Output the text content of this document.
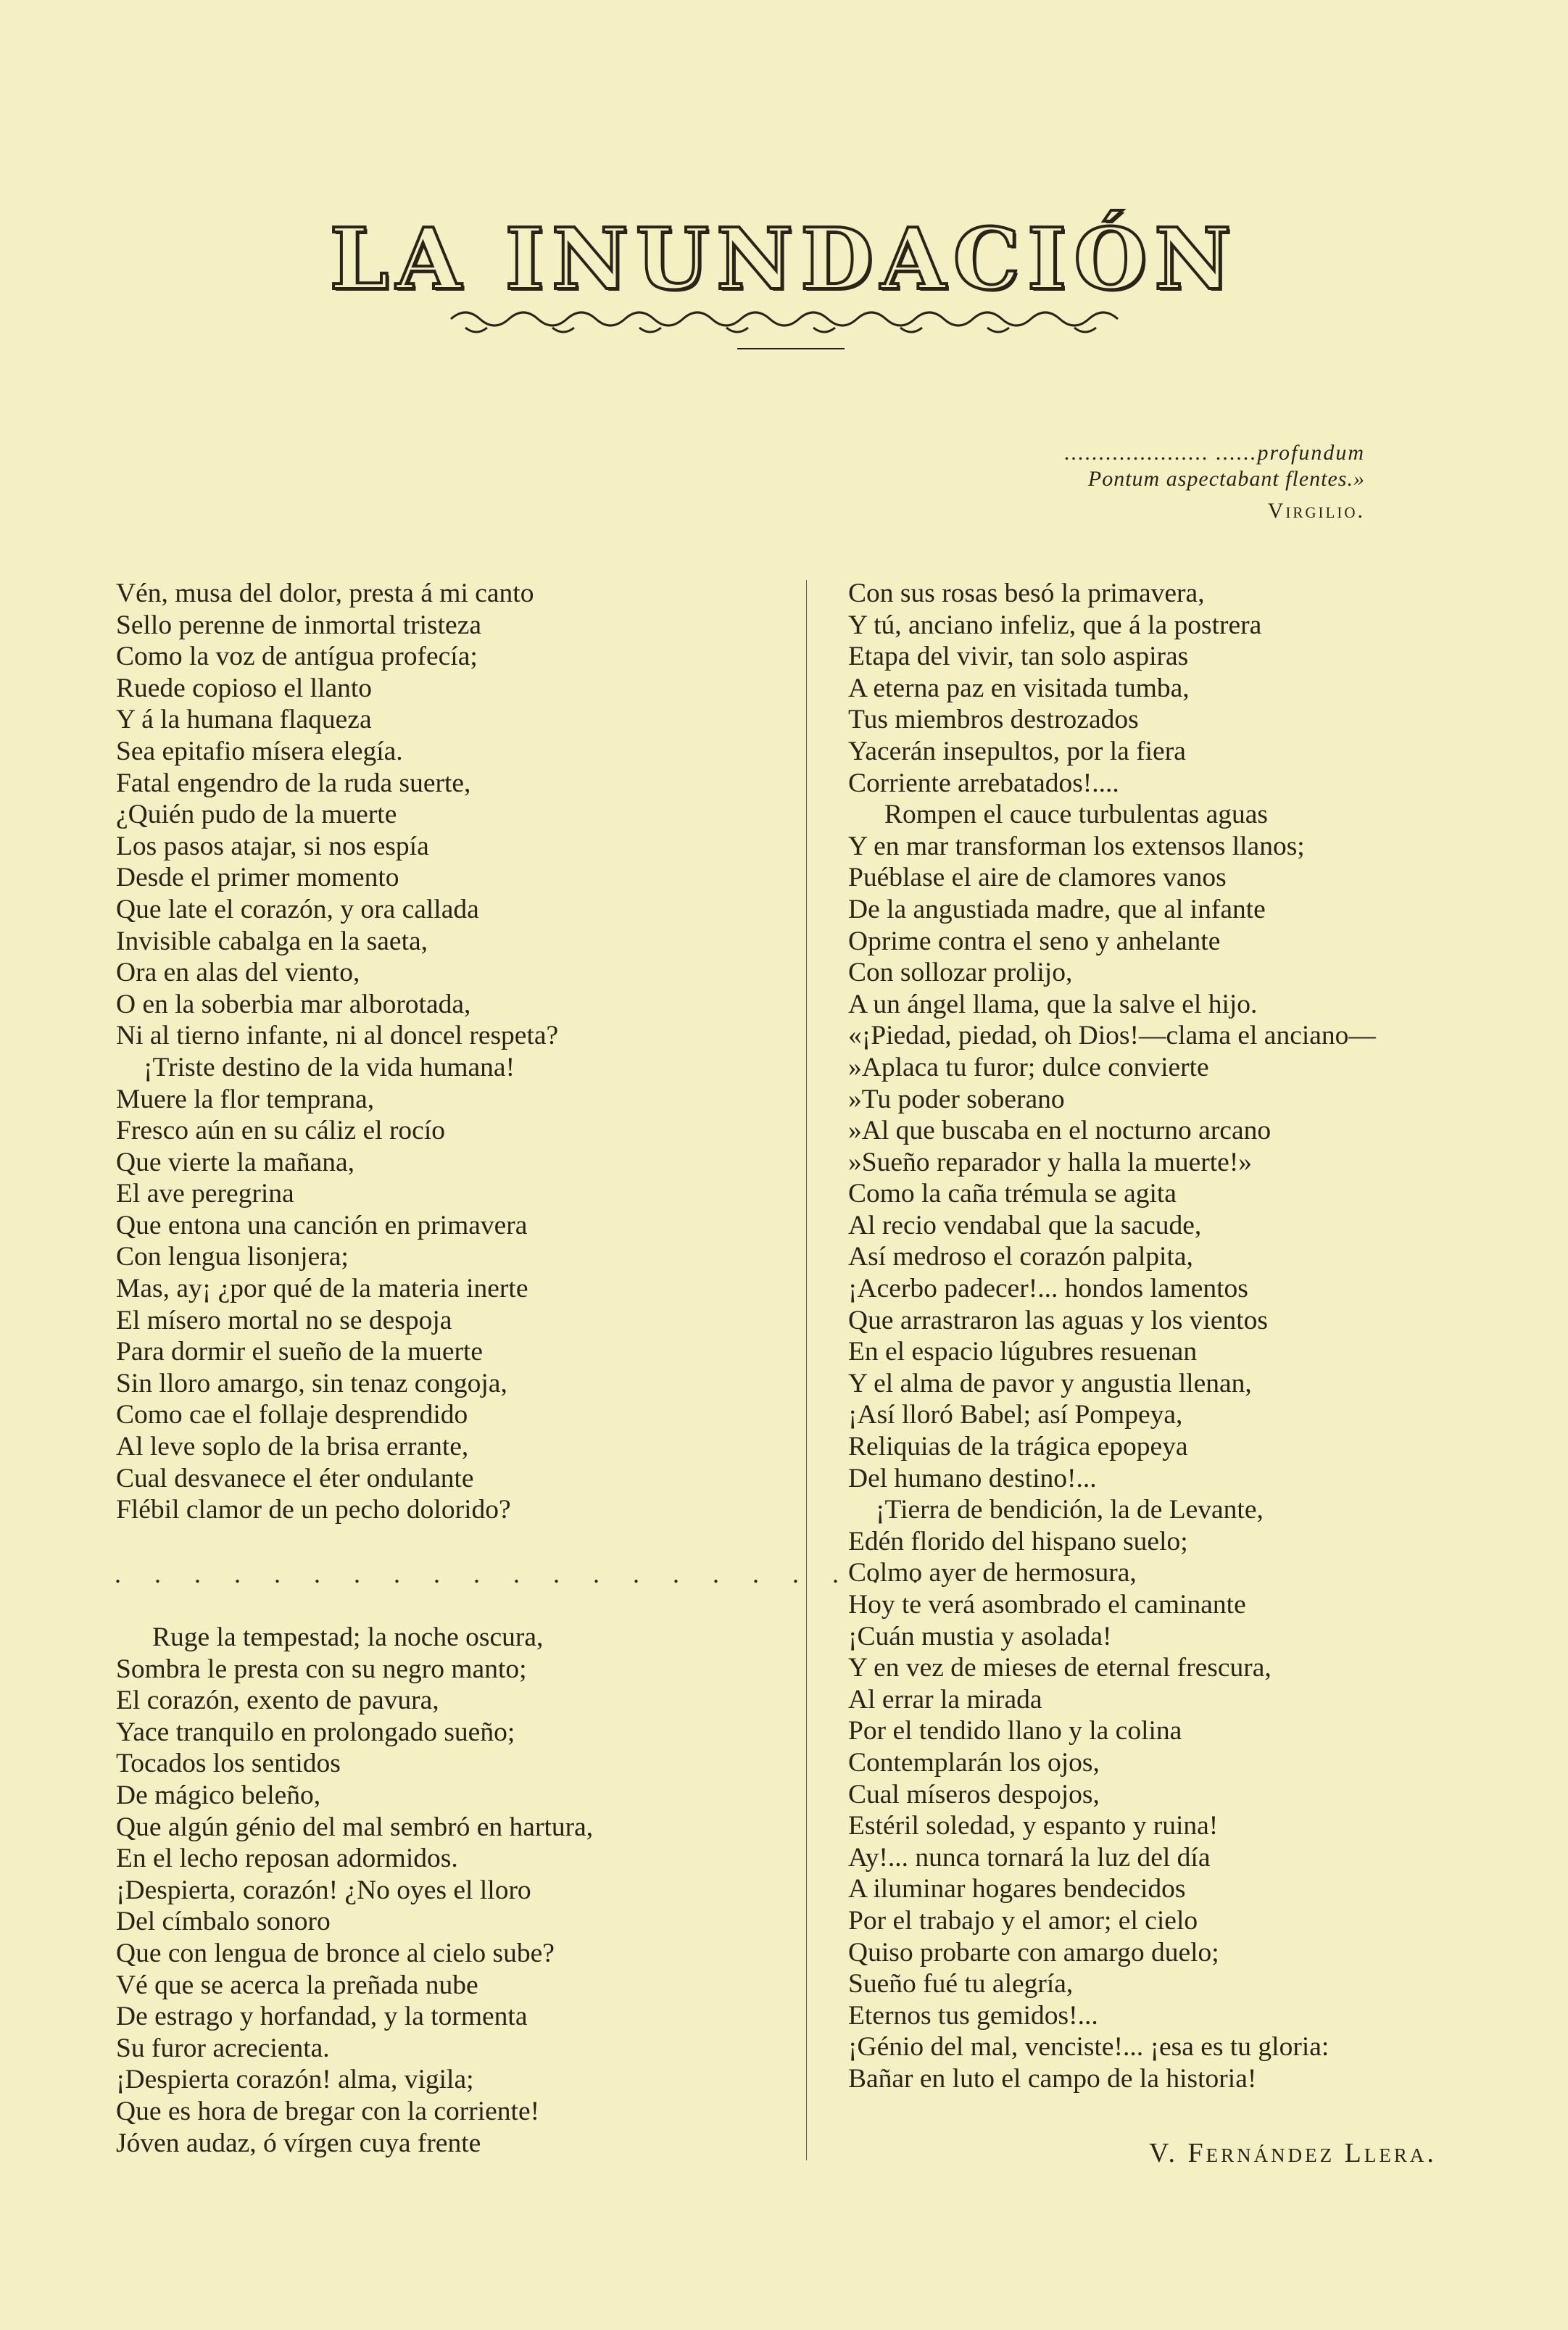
LA INUNDACIÓN
..................... ......profundum
Pontum aspectabant flentes.»
Virgilio.
Vén, musa del dolor, presta á mi canto
Sello perenne de inmortal tristeza
Como la voz de antígua profecía;
Ruede copioso el llanto
Y á la humana flaqueza
Sea epitafio mísera elegía.
Fatal engendro de la ruda suerte,
¿Quién pudo de la muerte
Los pasos atajar, si nos espía
Desde el primer momento
Que late el corazón, y ora callada
Invisible cabalga en la saeta,
Ora en alas del viento,
O en la soberbia mar alborotada,
Ni al tierno infante, ni al doncel respeta?
¡Triste destino de la vida humana!
Muere la flor temprana,
Fresco aún en su cáliz el rocío
Que vierte la mañana,
El ave peregrina
Que entona una canción en primavera
Con lengua lisonjera;
Mas, ay¡ ¿por qué de la materia inerte
El mísero mortal no se despoja
Para dormir el sueño de la muerte
Sin lloro amargo, sin tenaz congoja,
Como cae el follaje desprendido
Al leve soplo de la brisa errante,
Cual desvanece el éter ondulante
Flébil clamor de un pecho dolorido?
. . . . . . . . . . . . . . . . . . . . .
Ruge la tempestad; la noche oscura,
Sombra le presta con su negro manto;
El corazón, exento de pavura,
Yace tranquilo en prolongado sueño;
Tocados los sentidos
De mágico beleño,
Que algún génio del mal sembró en hartura,
En el lecho reposan adormidos.
¡Despierta, corazón! ¿No oyes el lloro
Del címbalo sonoro
Que con lengua de bronce al cielo sube?
Vé que se acerca la preñada nube
De estrago y horfandad, y la tormenta
Su furor acrecienta.
¡Despierta corazón! alma, vigila;
Que es hora de bregar con la corriente!
Jóven audaz, ó vírgen cuya frente
Con sus rosas besó la primavera,
Y tú, anciano infeliz, que á la postrera
Etapa del vivir, tan solo aspiras
A eterna paz en visitada tumba,
Tus miembros destrozados
Yacerán insepultos, por la fiera
Corriente arrebatados!....
Rompen el cauce turbulentas aguas
Y en mar transforman los extensos llanos;
Puéblase el aire de clamores vanos
De la angustiada madre, que al infante
Oprime contra el seno y anhelante
Con sollozar prolijo,
A un ángel llama, que la salve el hijo.
«¡Piedad, piedad, oh Dios!—clama el anciano—
»Aplaca tu furor; dulce convierte
»Tu poder soberano
»Al que buscaba en el nocturno arcano
»Sueño reparador y halla la muerte!»
Como la caña trémula se agita
Al recio vendabal que la sacude,
Así medroso el corazón palpita,
¡Acerbo padecer!... hondos lamentos
Que arrastraron las aguas y los vientos
En el espacio lúgubres resuenan
Y el alma de pavor y angustia llenan,
¡Así lloró Babel; así Pompeya,
Reliquias de la trágica epopeya
Del humano destino!...
¡Tierra de bendición, la de Levante,
Edén florido del hispano suelo;
Colmo ayer de hermosura,
Hoy te verá asombrado el caminante
¡Cuán mustia y asolada!
Y en vez de mieses de eternal frescura,
Al errar la mirada
Por el tendido llano y la colina
Contemplarán los ojos,
Cual míseros despojos,
Estéril soledad, y espanto y ruina!
Ay!... nunca tornará la luz del día
A iluminar hogares bendecidos
Por el trabajo y el amor; el cielo
Quiso probarte con amargo duelo;
Sueño fué tu alegría,
Eternos tus gemidos!...
¡Génio del mal, venciste!... ¡esa es tu gloria:
Bañar en luto el campo de la historia!
V. Fernández Llera.
